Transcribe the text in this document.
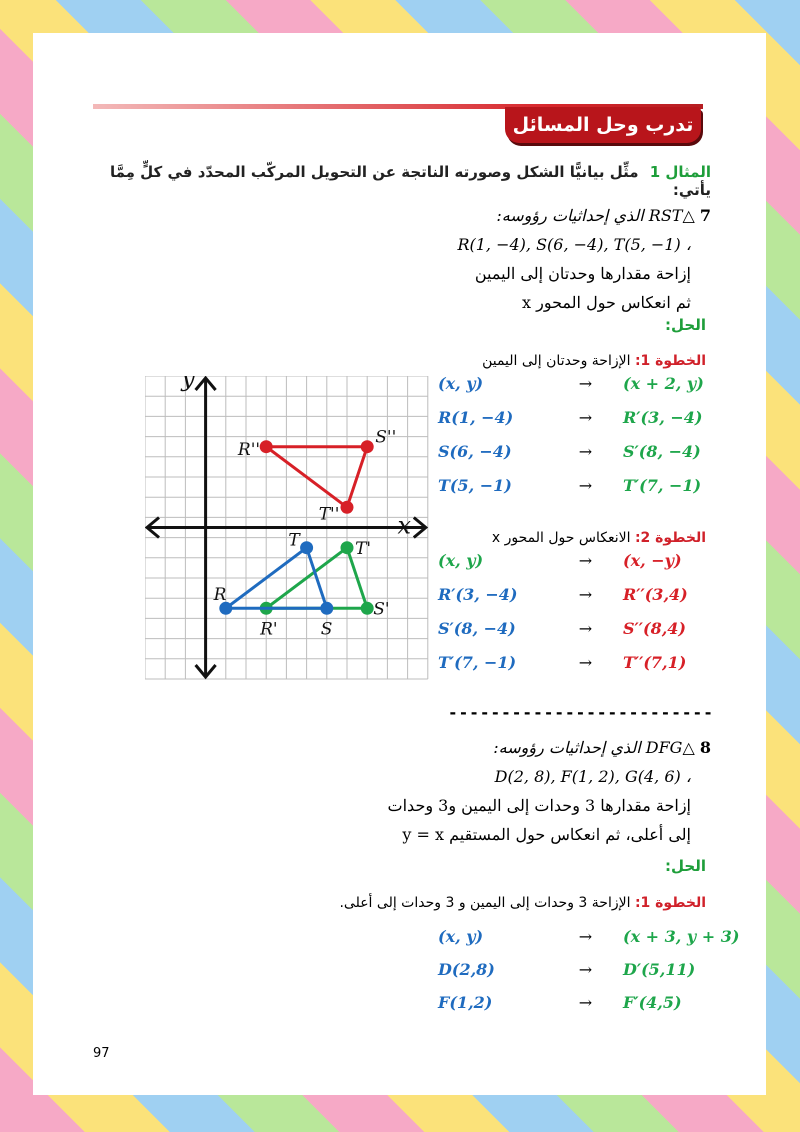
تدرب وحل المسائل
المثال 1 مثِّل بيانيًّا الشكل وصورته الناتجة عن التحويل المركّب المحدّد في كلٍّ مِمَّا يأتي:
7 △RST الذي إحداثيات رؤوسه:
R(1, −4), S(6, −4), T(5, −1) ،
إزاحة مقدارها وحدتان إلى اليمين
ثم انعكاس حول المحور x
الحل:
الخطوة 1: الإزاحة وحدتان إلى اليمين
(x, y)	→	(x + 2, y)
R(1, −4)	→	R′(3, −4)
S(6, −4)	→	S′(8, −4)
T(5, −1)	→	T′(7, −1)
الخطوة 2: الانعكاس حول المحور x
(x, y)	→	(x, −y)
R′(3, −4)	→	R′′(3,4)
S′(8, −4)	→	S′′(8,4)
T′(7, −1)	→	T′′(7,1)
x
y
R
S
T
R'
S'
T'
R''
S''
T''
-------------------------
8 △DFG الذي إحداثيات رؤوسه:
D(2, 8), F(1, 2), G(4, 6) ،
إزاحة مقدارها 3 وحدات إلى اليمين و3 وحدات
إلى أعلى، ثم انعكاس حول المستقيم y = x
الحل:
الخطوة 1: الإزاحة 3 وحدات إلى اليمين و 3 وحدات إلى أعلى.
(x, y)	→	(x + 3, y + 3)
D(2,8)	→	D′(5,11)
F(1,2)	→	F′(4,5)
97
